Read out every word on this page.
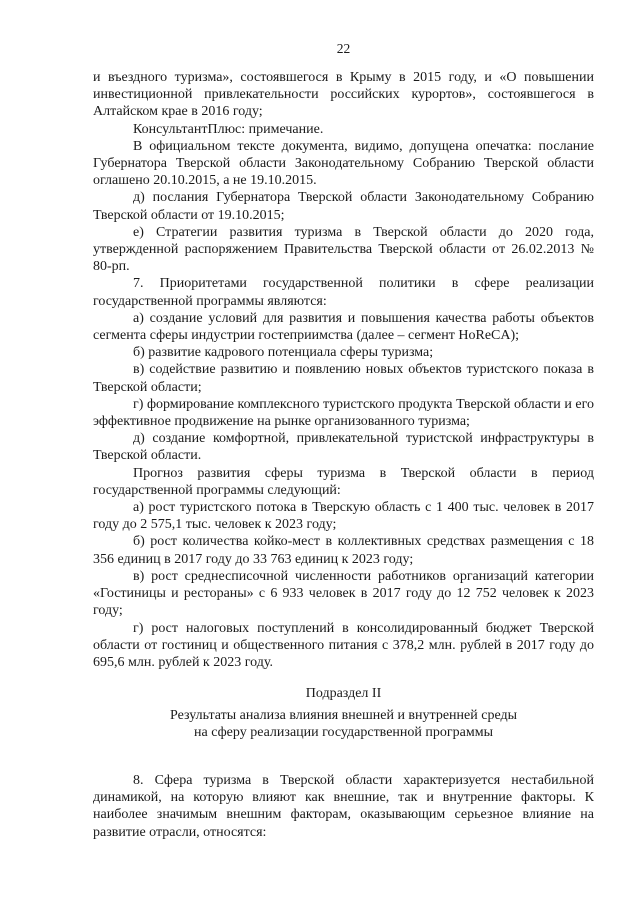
22

и въездного туризма», состоявшегося в Крыму в 2015 году, и «О повышении инвестиционной привлекательности российских курортов», состоявшегося в Алтайском крае в 2016 году;

КонсультантПлюс: примечание.

В официальном тексте документа, видимо, допущена опечатка: послание Губернатора Тверской области Законодательному Собранию Тверской области оглашено 20.10.2015, а не 19.10.2015.

д) послания Губернатора Тверской области Законодательному Собранию Тверской области от 19.10.2015;

е) Стратегии развития туризма в Тверской области до 2020 года, утвержденной распоряжением Правительства Тверской области от 26.02.2013 № 80-рп.

7. Приоритетами государственной политики в сфере реализации государственной программы являются:

а) создание условий для развития и повышения качества работы объектов сегмента сферы индустрии гостеприимства (далее – сегмент HoReCA);

б) развитие кадрового потенциала сферы туризма;

в) содействие развитию и появлению новых объектов туристского показа в Тверской области;

г) формирование комплексного туристского продукта Тверской области и его эффективное продвижение на рынке организованного туризма;

д) создание комфортной, привлекательной туристской инфраструктуры в Тверской области.

Прогноз развития сферы туризма в Тверской области в период государственной программы следующий:

а) рост туристского потока в Тверскую область с 1 400 тыс. человек в 2017 году до 2 575,1 тыс. человек к 2023 году;

б) рост количества койко-мест в коллективных средствах размещения с 18 356 единиц в 2017 году до 33 763 единиц к 2023 году;

в) рост среднесписочной численности работников организаций категории «Гостиницы и рестораны» с 6 933 человек в 2017 году до 12 752 человек к 2023 году;

г) рост налоговых поступлений в консолидированный бюджет Тверской области от гостиниц и общественного питания с 378,2 млн. рублей в 2017 году до 695,6 млн. рублей к 2023 году.

Подраздел II
Результаты анализа влияния внешней и внутренней среды
на сферу реализации государственной программы

8. Сфера туризма в Тверской области характеризуется нестабильной динамикой, на которую влияют как внешние, так и внутренние факторы. К наиболее значимым внешним факторам, оказывающим серьезное влияние на развитие отрасли, относятся:
